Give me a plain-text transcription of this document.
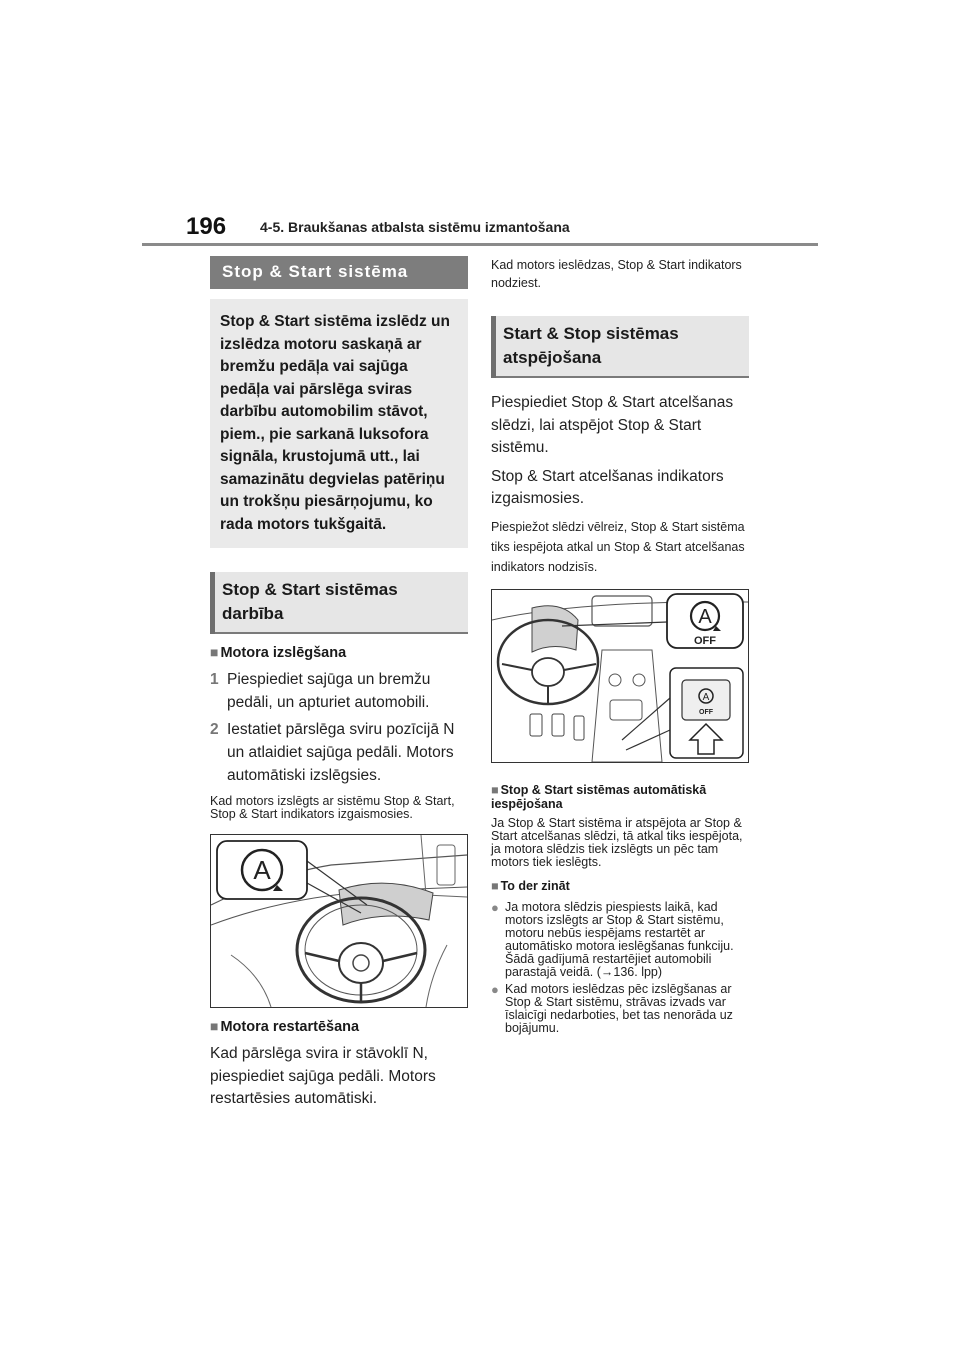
196 4-5. Braukšanas atbalsta sistēmu izmantošana
Stop & Start sistēma
Stop & Start sistēma izslēdz un izslēdza motoru saskaņā ar bremžu pedāļa vai sajūga pedāļa vai pārslēga sviras darbību automobilim stāvot, piem., pie sarkanā luksofora signāla, krustojumā utt., lai samazinātu degvielas patēriņu un trokšņu piesārņojumu, ko rada motors tukšgaitā.
Stop & Start sistēmas darbība
■ Motora izslēgšana
1 Piespiediet sajūga un bremžu pedāli, un apturiet automobili.
2 Iestatiet pārslēga sviru pozīcijā N un atlaidiet sajūga pedāli. Motors automātiski izslēgsies.
Kad motors izslēgts ar sistēmu Stop & Start, Stop & Start indikators izgaismosies.
A
■ Motora restartēšana
Kad pārslēga svira ir stāvoklī N, piespiediet sajūga pedāli. Motors restartēsies automātiski.
Kad motors ieslēdzas, Stop & Start indikators nodziest.
Start & Stop sistēmas atspējošana
Piespiediet Stop & Start atcelšanas slēdzi, lai atspējot Stop & Start sistēmu.
Stop & Start atcelšanas indikators izgaismosies.
Piespiežot slēdzi vēlreiz, Stop & Start sistēma tiks iespējota atkal un Stop & Start atcelšanas indikators nodzisīs.
A
OFF
A
OFF
■ Stop & Start sistēmas automātiskā iespējošana
Ja Stop & Start sistēma ir atspējota ar Stop & Start atcelšanas slēdzi, tā atkal tiks iespējota, ja motora slēdzis tiek izslēgts un pēc tam motors tiek ieslēgts.
■ To der zināt
● Ja motora slēdzis piespiests laikā, kad motors izslēgts ar Stop & Start sistēmu, motoru nebūs iespējams restartēt ar automātisko motora ieslēgšanas funkciju. Šādā gadījumā restartējiet automobili parastajā veidā. (→136. lpp)
● Kad motors ieslēdzas pēc izslēgšanas ar Stop & Start sistēmu, strāvas izvads var īslaicīgi nedarboties, bet tas nenorāda uz bojājumu.
